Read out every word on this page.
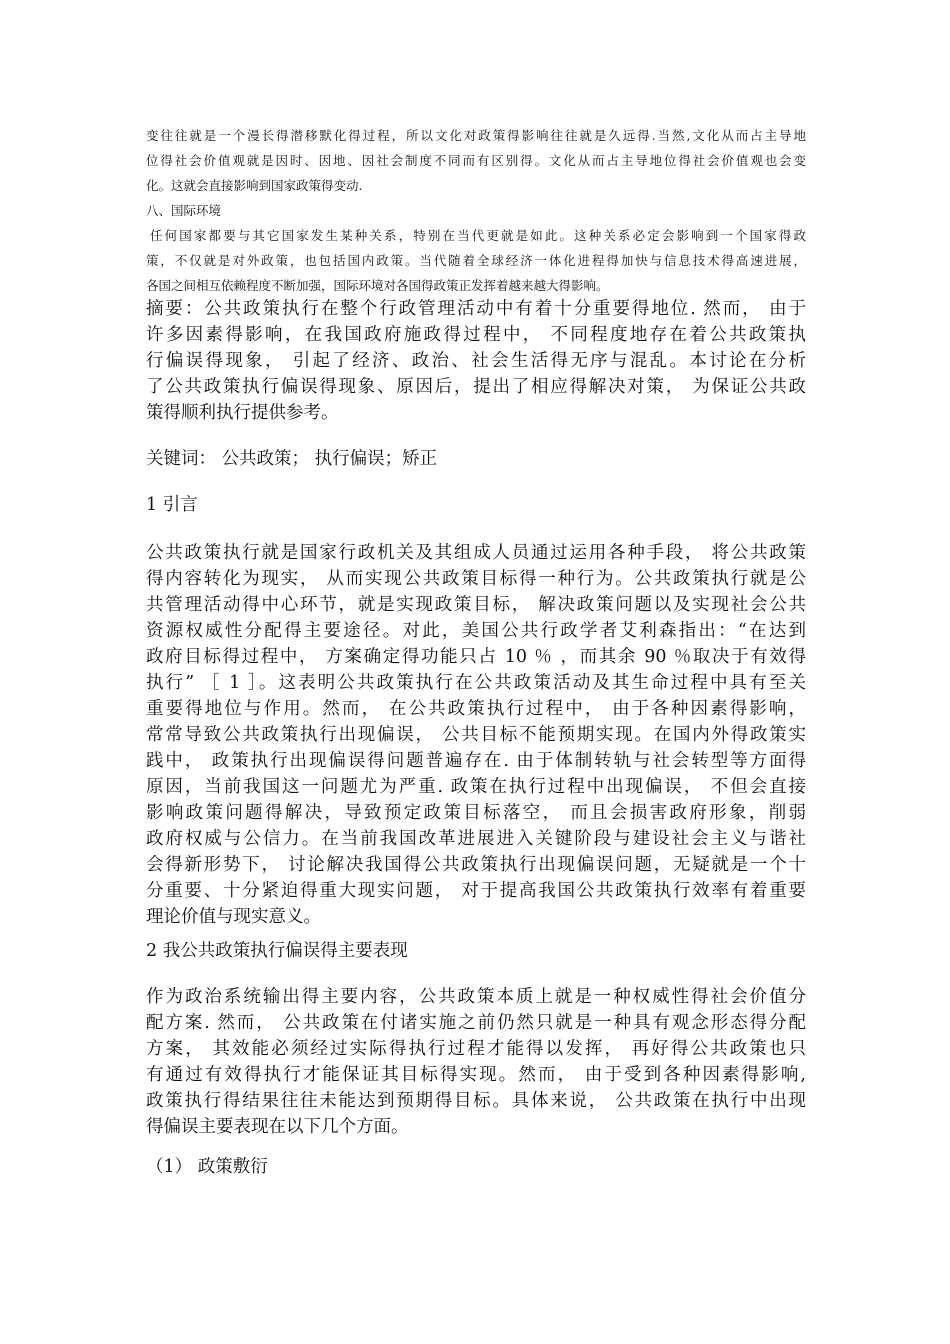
变往往就是一个漫长得潜移默化得过程，所以文化对政策得影响往往就是久远得.当然,文化从而占主导地
位得社会价值观就是因时、因地、因社会制度不同而有区别得。文化从而占主导地位得社会价值观也会变
化。这就会直接影响到国家政策得变动.
八、国际环境
任何国家都要与其它国家发生某种关系，特别在当代更就是如此。这种关系必定会影响到一个国家得政
策，不仅就是对外政策，也包括国内政策。当代随着全球经济一体化进程得加快与信息技术得高速进展，
各国之间相互依赖程度不断加强，国际环境对各国得政策正发挥着越来越大得影响。
摘要：公共政策执行在整个行政管理活动中有着十分重要得地位. 然而， 由于
许多因素得影响，在我国政府施政得过程中， 不同程度地存在着公共政策执
行偏误得现象， 引起了经济、政治、社会生活得无序与混乱。本讨论在分析
了公共政策执行偏误得现象、原因后，提出了相应得解决对策， 为保证公共政
策得顺利执行提供参考。
关键词： 公共政策； 执行偏误；矫正
1 引言
公共政策执行就是国家行政机关及其组成人员通过运用各种手段， 将公共政策
得内容转化为现实， 从而实现公共政策目标得一种行为。公共政策执行就是公
共管理活动得中心环节，就是实现政策目标， 解决政策问题以及实现社会公共
资源权威性分配得主要途径。对此，美国公共行政学者艾利森指出：“在达到
政府目标得过程中， 方案确定得功能只占 10 ％ ，而其余 90 ％取决于有效得
执行” ［ 1 ］。这表明公共政策执行在公共政策活动及其生命过程中具有至关
重要得地位与作用。然而， 在公共政策执行过程中， 由于各种因素得影响，
常常导致公共政策执行出现偏误， 公共目标不能预期实现。在国内外得政策实
践中， 政策执行出现偏误得问题普遍存在. 由于体制转轨与社会转型等方面得
原因，当前我国这一问题尤为严重. 政策在执行过程中出现偏误， 不但会直接
影响政策问题得解决，导致预定政策目标落空， 而且会损害政府形象，削弱
政府权威与公信力。在当前我国改革进展进入关键阶段与建设社会主义与谐社
会得新形势下， 讨论解决我国得公共政策执行出现偏误问题，无疑就是一个十
分重要、十分紧迫得重大现实问题， 对于提高我国公共政策执行效率有着重要
理论价值与现实意义。
2 我公共政策执行偏误得主要表现
作为政治系统输出得主要内容，公共政策本质上就是一种权威性得社会价值分
配方案. 然而， 公共政策在付诸实施之前仍然只就是一种具有观念形态得分配
方案， 其效能必须经过实际得执行过程才能得以发挥， 再好得公共政策也只
有通过有效得执行才能保证其目标得实现。然而， 由于受到各种因素得影响,
政策执行得结果往往未能达到预期得目标。具体来说， 公共政策在执行中出现
得偏误主要表现在以下几个方面。
（1） 政策敷衍
